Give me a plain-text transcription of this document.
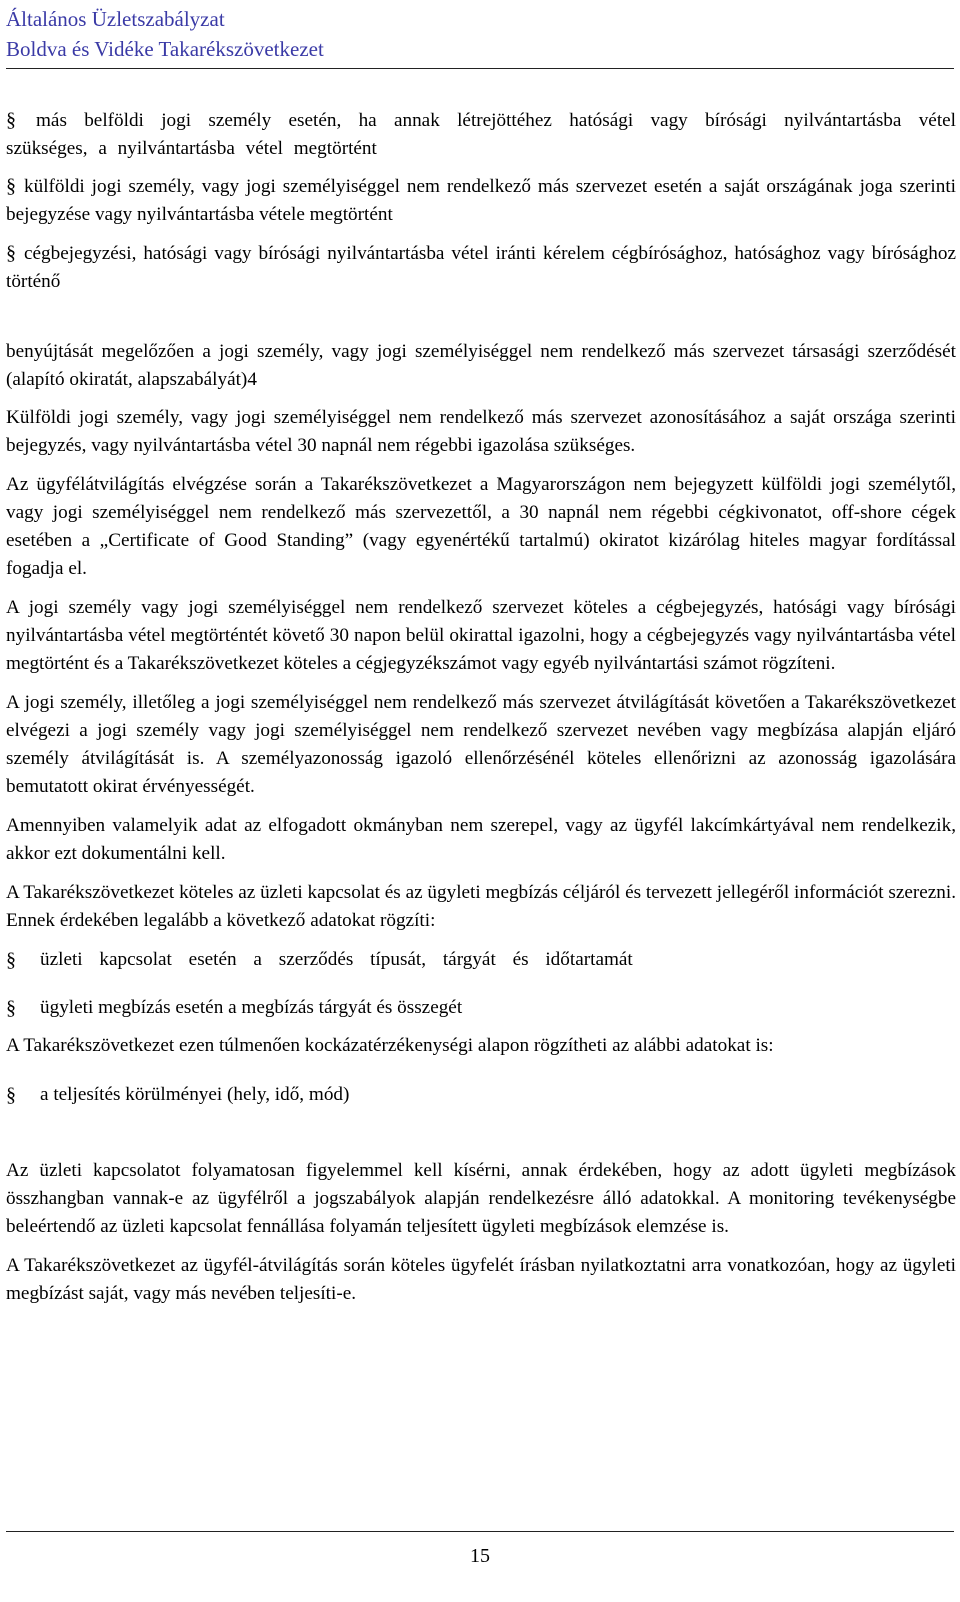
Általános Üzletszabályzat
Boldva és Vidéke Takarékszövetkezet
§ más belföldi jogi személy esetén, ha annak létrejöttéhez hatósági vagy bírósági nyilvántartásba vétel szükséges, a nyilvántartásba vétel megtörtént
§ külföldi jogi személy, vagy jogi személyiséggel nem rendelkező más szervezet esetén a saját országának joga szerinti bejegyzése vagy nyilvántartásba vétele megtörtént
§ cégbejegyzési, hatósági vagy bírósági nyilvántartásba vétel iránti kérelem cégbírósághoz, hatósághoz vagy bírósághoz történő
benyújtását megelőzően a jogi személy, vagy jogi személyiséggel nem rendelkező más szervezet társasági szerződését (alapító okiratát, alapszabályát)4
Külföldi jogi személy, vagy jogi személyiséggel nem rendelkező más szervezet azonosításához a saját országa szerinti bejegyzés, vagy nyilvántartásba vétel 30 napnál nem régebbi igazolása szükséges.
Az ügyfélátvilágítás elvégzése során a Takarékszövetkezet a Magyarországon nem bejegyzett külföldi jogi személytől, vagy jogi személyiséggel nem rendelkező más szervezettől, a 30 napnál nem régebbi cégkivonatot, off-shore cégek esetében a „Certificate of Good Standing” (vagy egyenértékű tartalmú) okiratot kizárólag hiteles magyar fordítással fogadja el.
A jogi személy vagy jogi személyiséggel nem rendelkező szervezet köteles a cégbejegyzés, hatósági vagy bírósági nyilvántartásba vétel megtörténtét követő 30 napon belül okirattal igazolni, hogy a cégbejegyzés vagy nyilvántartásba vétel megtörtént és a Takarékszövetkezet köteles a cégjegyzékszámot vagy egyéb nyilvántartási számot rögzíteni.
A jogi személy, illetőleg a jogi személyiséggel nem rendelkező más szervezet átvilágítását követően a Takarékszövetkezet elvégezi a jogi személy vagy jogi személyiséggel nem rendelkező szervezet nevében vagy megbízása alapján eljáró személy átvilágítását is. A személyazonosság igazoló ellenőrzésénél köteles ellenőrizni az azonosság igazolására bemutatott okirat érvényességét.
Amennyiben valamelyik adat az elfogadott okmányban nem szerepel, vagy az ügyfél lakcímkártyával nem rendelkezik, akkor ezt dokumentálni kell.
A Takarékszövetkezet köteles az üzleti kapcsolat és az ügyleti megbízás céljáról és tervezett jellegéről információt szerezni. Ennek érdekében legalább a következő adatokat rögzíti:
§	üzleti kapcsolat esetén a szerződés típusát, tárgyát és időtartamát
§	ügyleti megbízás esetén a megbízás tárgyát és összegét
A Takarékszövetkezet ezen túlmenően kockázatérzékenységi alapon rögzítheti az alábbi adatokat is:
§	a teljesítés körülményei (hely, idő, mód)
Az üzleti kapcsolatot folyamatosan figyelemmel kell kísérni, annak érdekében, hogy az adott ügyleti megbízások összhangban vannak-e az ügyfélről a jogszabályok alapján rendelkezésre álló adatokkal. A monitoring tevékenységbe beleértendő az üzleti kapcsolat fennállása folyamán teljesített ügyleti megbízások elemzése is.
A Takarékszövetkezet az ügyfél-átvilágítás során köteles ügyfelét írásban nyilatkoztatni arra vonatkozóan, hogy az ügyleti megbízást saját, vagy más nevében teljesíti-e.
15
